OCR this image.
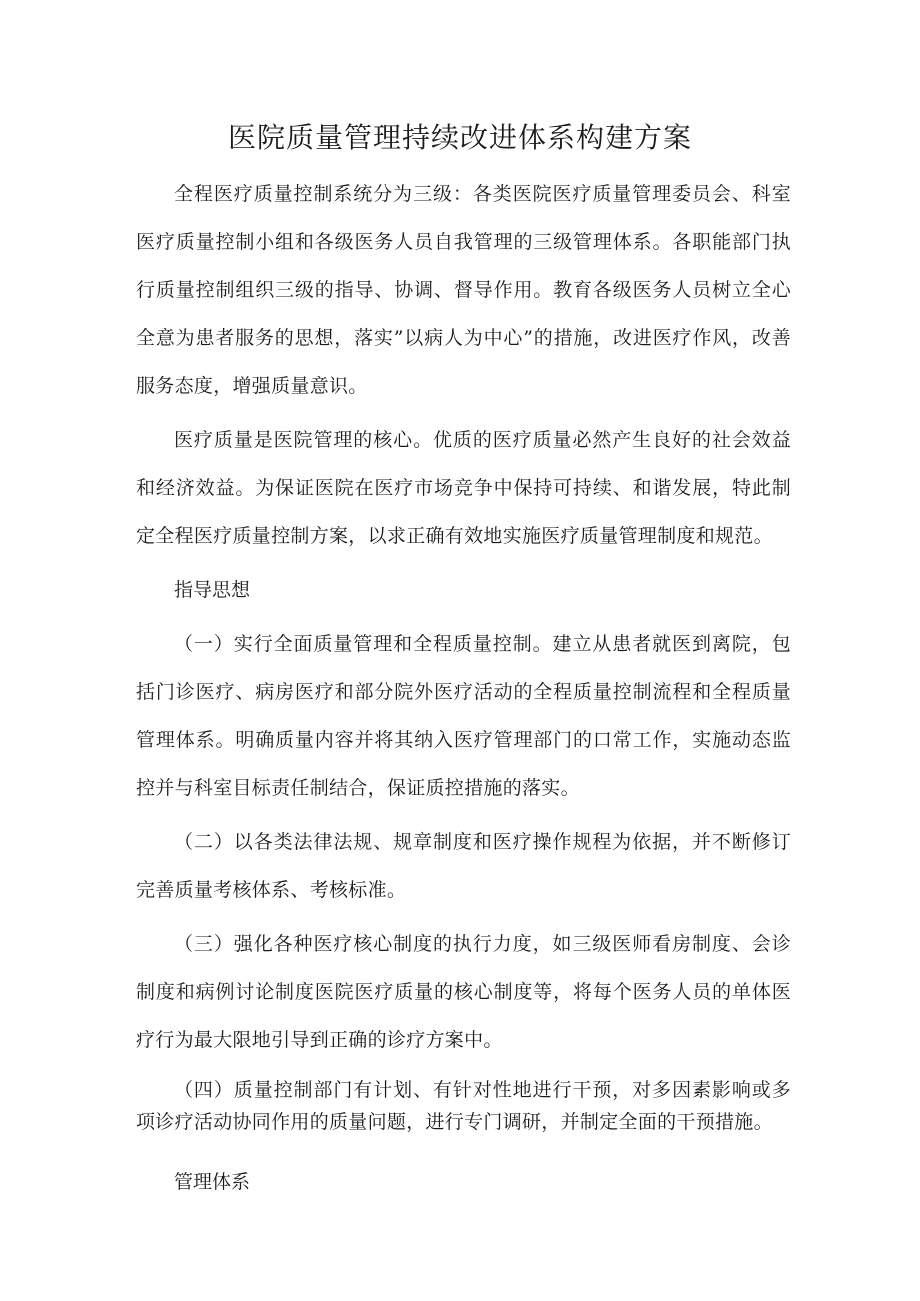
医院质量管理持续改进体系构建方案

全程医疗质量控制系统分为三级：各类医院医疗质量管理委员会、科室医疗质量控制小组和各级医务人员自我管理的三级管理体系。各职能部门执行质量控制组织三级的指导、协调、督导作用。教育各级医务人员树立全心全意为患者服务的思想，落实”以病人为中心”的措施，改进医疗作风，改善服务态度，增强质量意识。

医疗质量是医院管理的核心。优质的医疗质量必然产生良好的社会效益和经济效益。为保证医院在医疗市场竞争中保持可持续、和谐发展，特此制定全程医疗质量控制方案，以求正确有效地实施医疗质量管理制度和规范。

指导思想

（一）实行全面质量管理和全程质量控制。建立从患者就医到离院，包括门诊医疗、病房医疗和部分院外医疗活动的全程质量控制流程和全程质量管理体系。明确质量内容并将其纳入医疗管理部门的口常工作，实施动态监控并与科室目标责任制结合，保证质控措施的落实。

（二）以各类法律法规、规章制度和医疗操作规程为依据，并不断修订完善质量考核体系、考核标准。

（三）强化各种医疗核心制度的执行力度，如三级医师看房制度、会诊制度和病例讨论制度医院医疗质量的核心制度等，将每个医务人员的单体医疗行为最大限地引导到正确的诊疗方案中。

（四）质量控制部门有计划、有针对性地进行干预，对多因素影响或多项诊疗活动协同作用的质量问题，进行专门调研，并制定全面的干预措施。

管理体系
